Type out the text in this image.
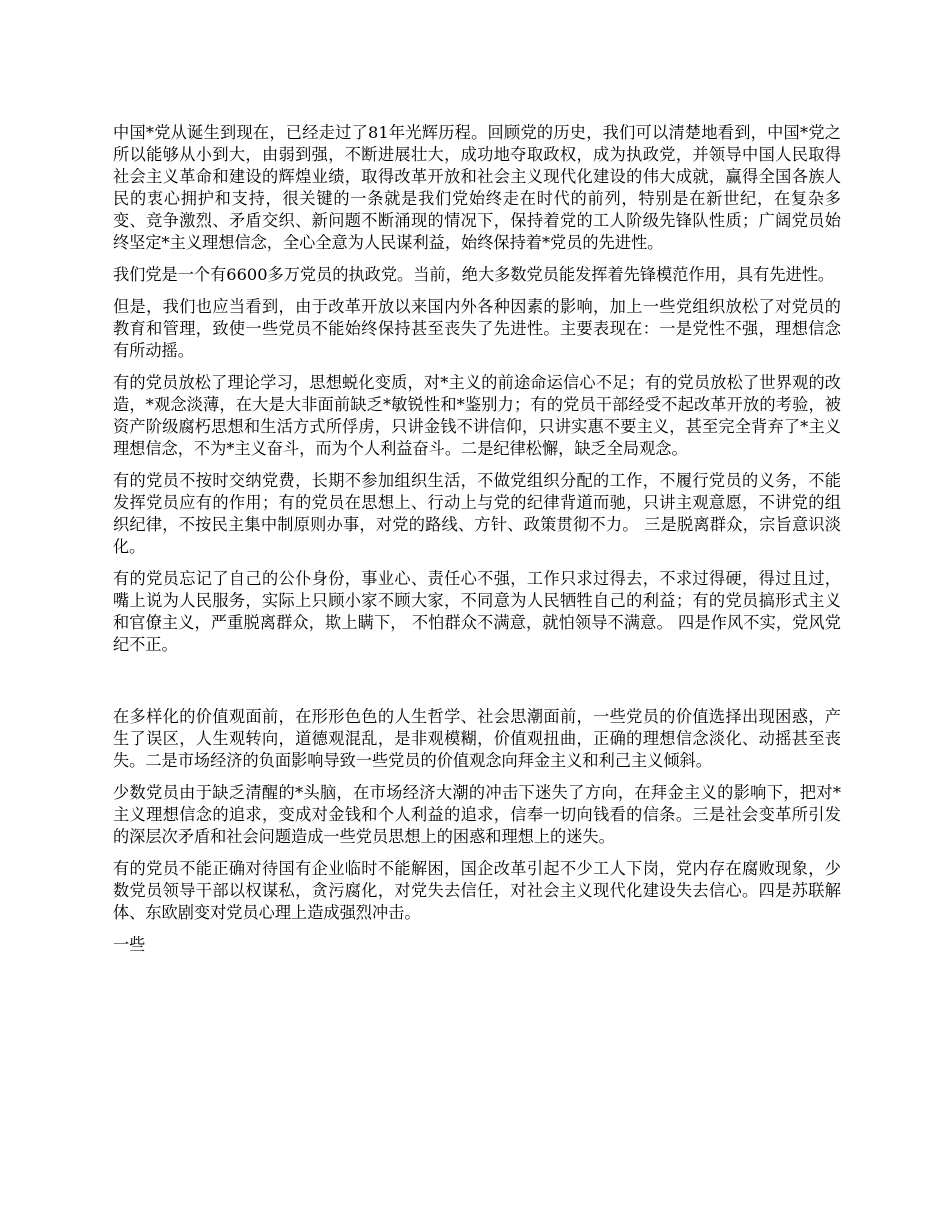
中国*党从诞生到现在，已经走过了81年光辉历程。回顾党的历史，我们可以清楚地看到，中国*党之所以能够从小到大，由弱到强，不断进展壮大，成功地夺取政权，成为执政党，并领导中国人民取得社会主义革命和建设的辉煌业绩，取得改革开放和社会主义现代化建设的伟大成就，赢得全国各族人民的衷心拥护和支持，很关键的一条就是我们党始终走在时代的前列，特别是在新世纪，在复杂多变、竞争激烈、矛盾交织、新问题不断涌现的情况下，保持着党的工人阶级先锋队性质；广阔党员始终坚定*主义理想信念，全心全意为人民谋利益，始终保持着*党员的先进性。

我们党是一个有6600多万党员的执政党。当前，绝大多数党员能发挥着先锋模范作用，具有先进性。

但是，我们也应当看到，由于改革开放以来国内外各种因素的影响，加上一些党组织放松了对党员的教育和管理，致使一些党员不能始终保持甚至丧失了先进性。主要表现在：一是党性不强，理想信念有所动摇。

有的党员放松了理论学习，思想蜕化变质，对*主义的前途命运信心不足；有的党员放松了世界观的改造，*观念淡薄，在大是大非面前缺乏*敏锐性和*鉴别力；有的党员干部经受不起改革开放的考验，被资产阶级腐朽思想和生活方式所俘虏，只讲金钱不讲信仰，只讲实惠不要主义，甚至完全背弃了*主义理想信念，不为*主义奋斗，而为个人利益奋斗。二是纪律松懈，缺乏全局观念。

有的党员不按时交纳党费，长期不参加组织生活，不做党组织分配的工作，不履行党员的义务，不能发挥党员应有的作用；有的党员在思想上、行动上与党的纪律背道而驰，只讲主观意愿，不讲党的组织纪律，不按民主集中制原则办事，对党的路线、方针、政策贯彻不力。 三是脱离群众，宗旨意识淡化。

有的党员忘记了自己的公仆身份，事业心、责任心不强，工作只求过得去，不求过得硬，得过且过，嘴上说为人民服务，实际上只顾小家不顾大家，不同意为人民牺牲自己的利益；有的党员搞形式主义和官僚主义，严重脱离群众，欺上瞒下， 不怕群众不满意，就怕领导不满意。 四是作风不实，党风党纪不正。

在多样化的价值观面前，在形形色色的人生哲学、社会思潮面前，一些党员的价值选择出现困惑，产生了误区，人生观转向，道德观混乱，是非观模糊，价值观扭曲，正确的理想信念淡化、动摇甚至丧失。二是市场经济的负面影响导致一些党员的价值观念向拜金主义和利己主义倾斜。

少数党员由于缺乏清醒的*头脑，在市场经济大潮的冲击下迷失了方向，在拜金主义的影响下，把对*主义理想信念的追求，变成对金钱和个人利益的追求，信奉一切向钱看的信条。三是社会变革所引发的深层次矛盾和社会问题造成一些党员思想上的困惑和理想上的迷失。

有的党员不能正确对待国有企业临时不能解困，国企改革引起不少工人下岗，党内存在腐败现象，少数党员领导干部以权谋私，贪污腐化，对党失去信任，对社会主义现代化建设失去信心。四是苏联解体、东欧剧变对党员心理上造成强烈冲击。

一些
